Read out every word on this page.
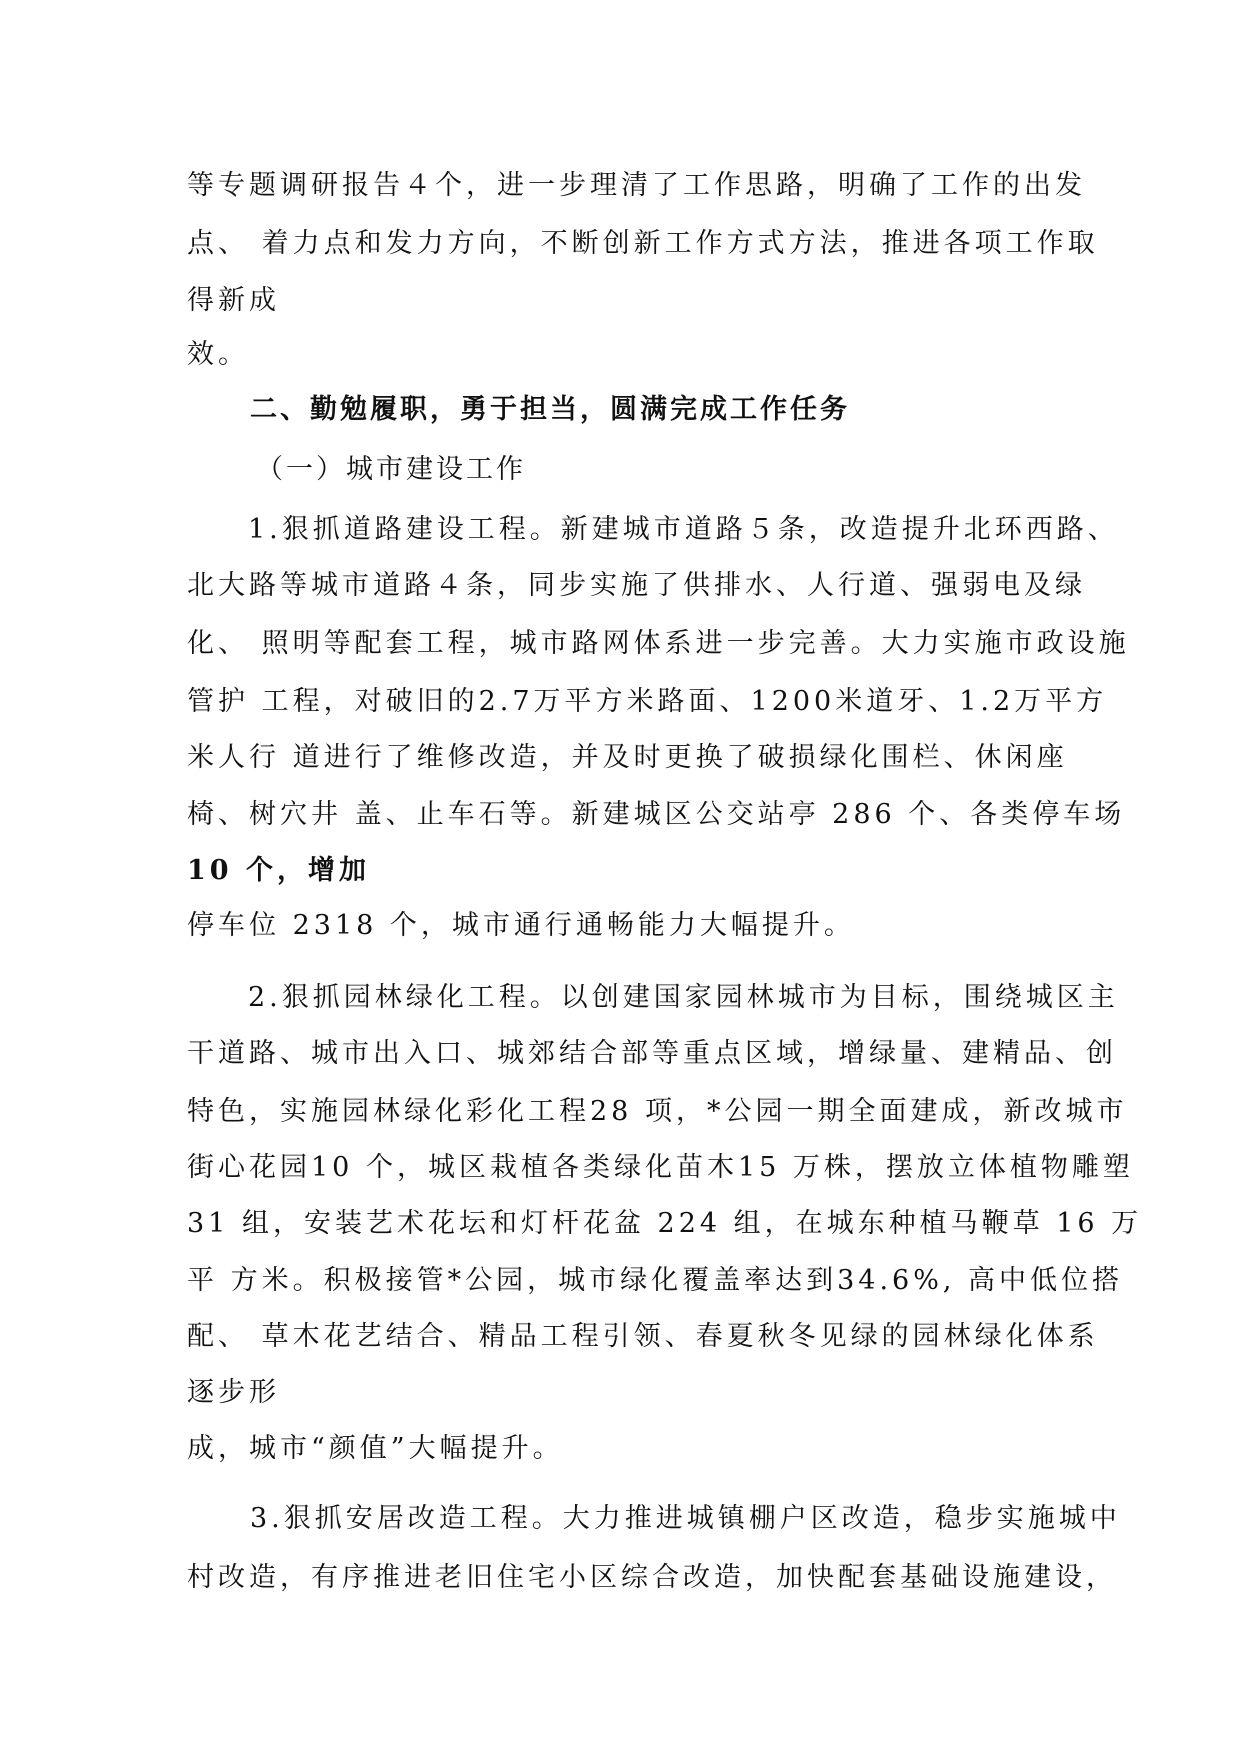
等专题调研报告４个，进一步理清了工作思路，明确了工作的出发
点、 着力点和发力方向，不断创新工作方式方法，推进各项工作取
得新成
效。
二、勤勉履职，勇于担当，圆满完成工作任务
（一）城市建设工作
1.狠抓道路建设工程。新建城市道路５条，改造提升北环西路、
北大路等城市道路４条，同步实施了供排水、人行道、强弱电及绿
化、 照明等配套工程，城市路网体系进一步完善。大力实施市政设施
管护 工程，对破旧的2.7万平方米路面、1200米道牙、1.2万平方
米人行 道进行了维修改造，并及时更换了破损绿化围栏、休闲座
椅、树穴井 盖、止车石等。新建城区公交站亭 286 个、各类停车场
10 个，增加
停车位 2318 个，城市通行通畅能力大幅提升。
2.狠抓园林绿化工程。以创建国家园林城市为目标，围绕城区主
干道路、城市出入口、城郊结合部等重点区域，增绿量、建精品、创
特色，实施园林绿化彩化工程28 项，*公园一期全面建成，新改城市
街心花园10 个，城区栽植各类绿化苗木15 万株，摆放立体植物雕塑
31 组，安装艺术花坛和灯杆花盆 224 组，在城东种植马鞭草 16 万
平 方米。积极接管*公园，城市绿化覆盖率达到34.6%, 高中低位搭
配、 草木花艺结合、精品工程引领、春夏秋冬见绿的园林绿化体系
逐步形
成，城市“颜值”大幅提升。
3.狠抓安居改造工程。大力推进城镇棚户区改造，稳步实施城中
村改造，有序推进老旧住宅小区综合改造，加快配套基础设施建设，
